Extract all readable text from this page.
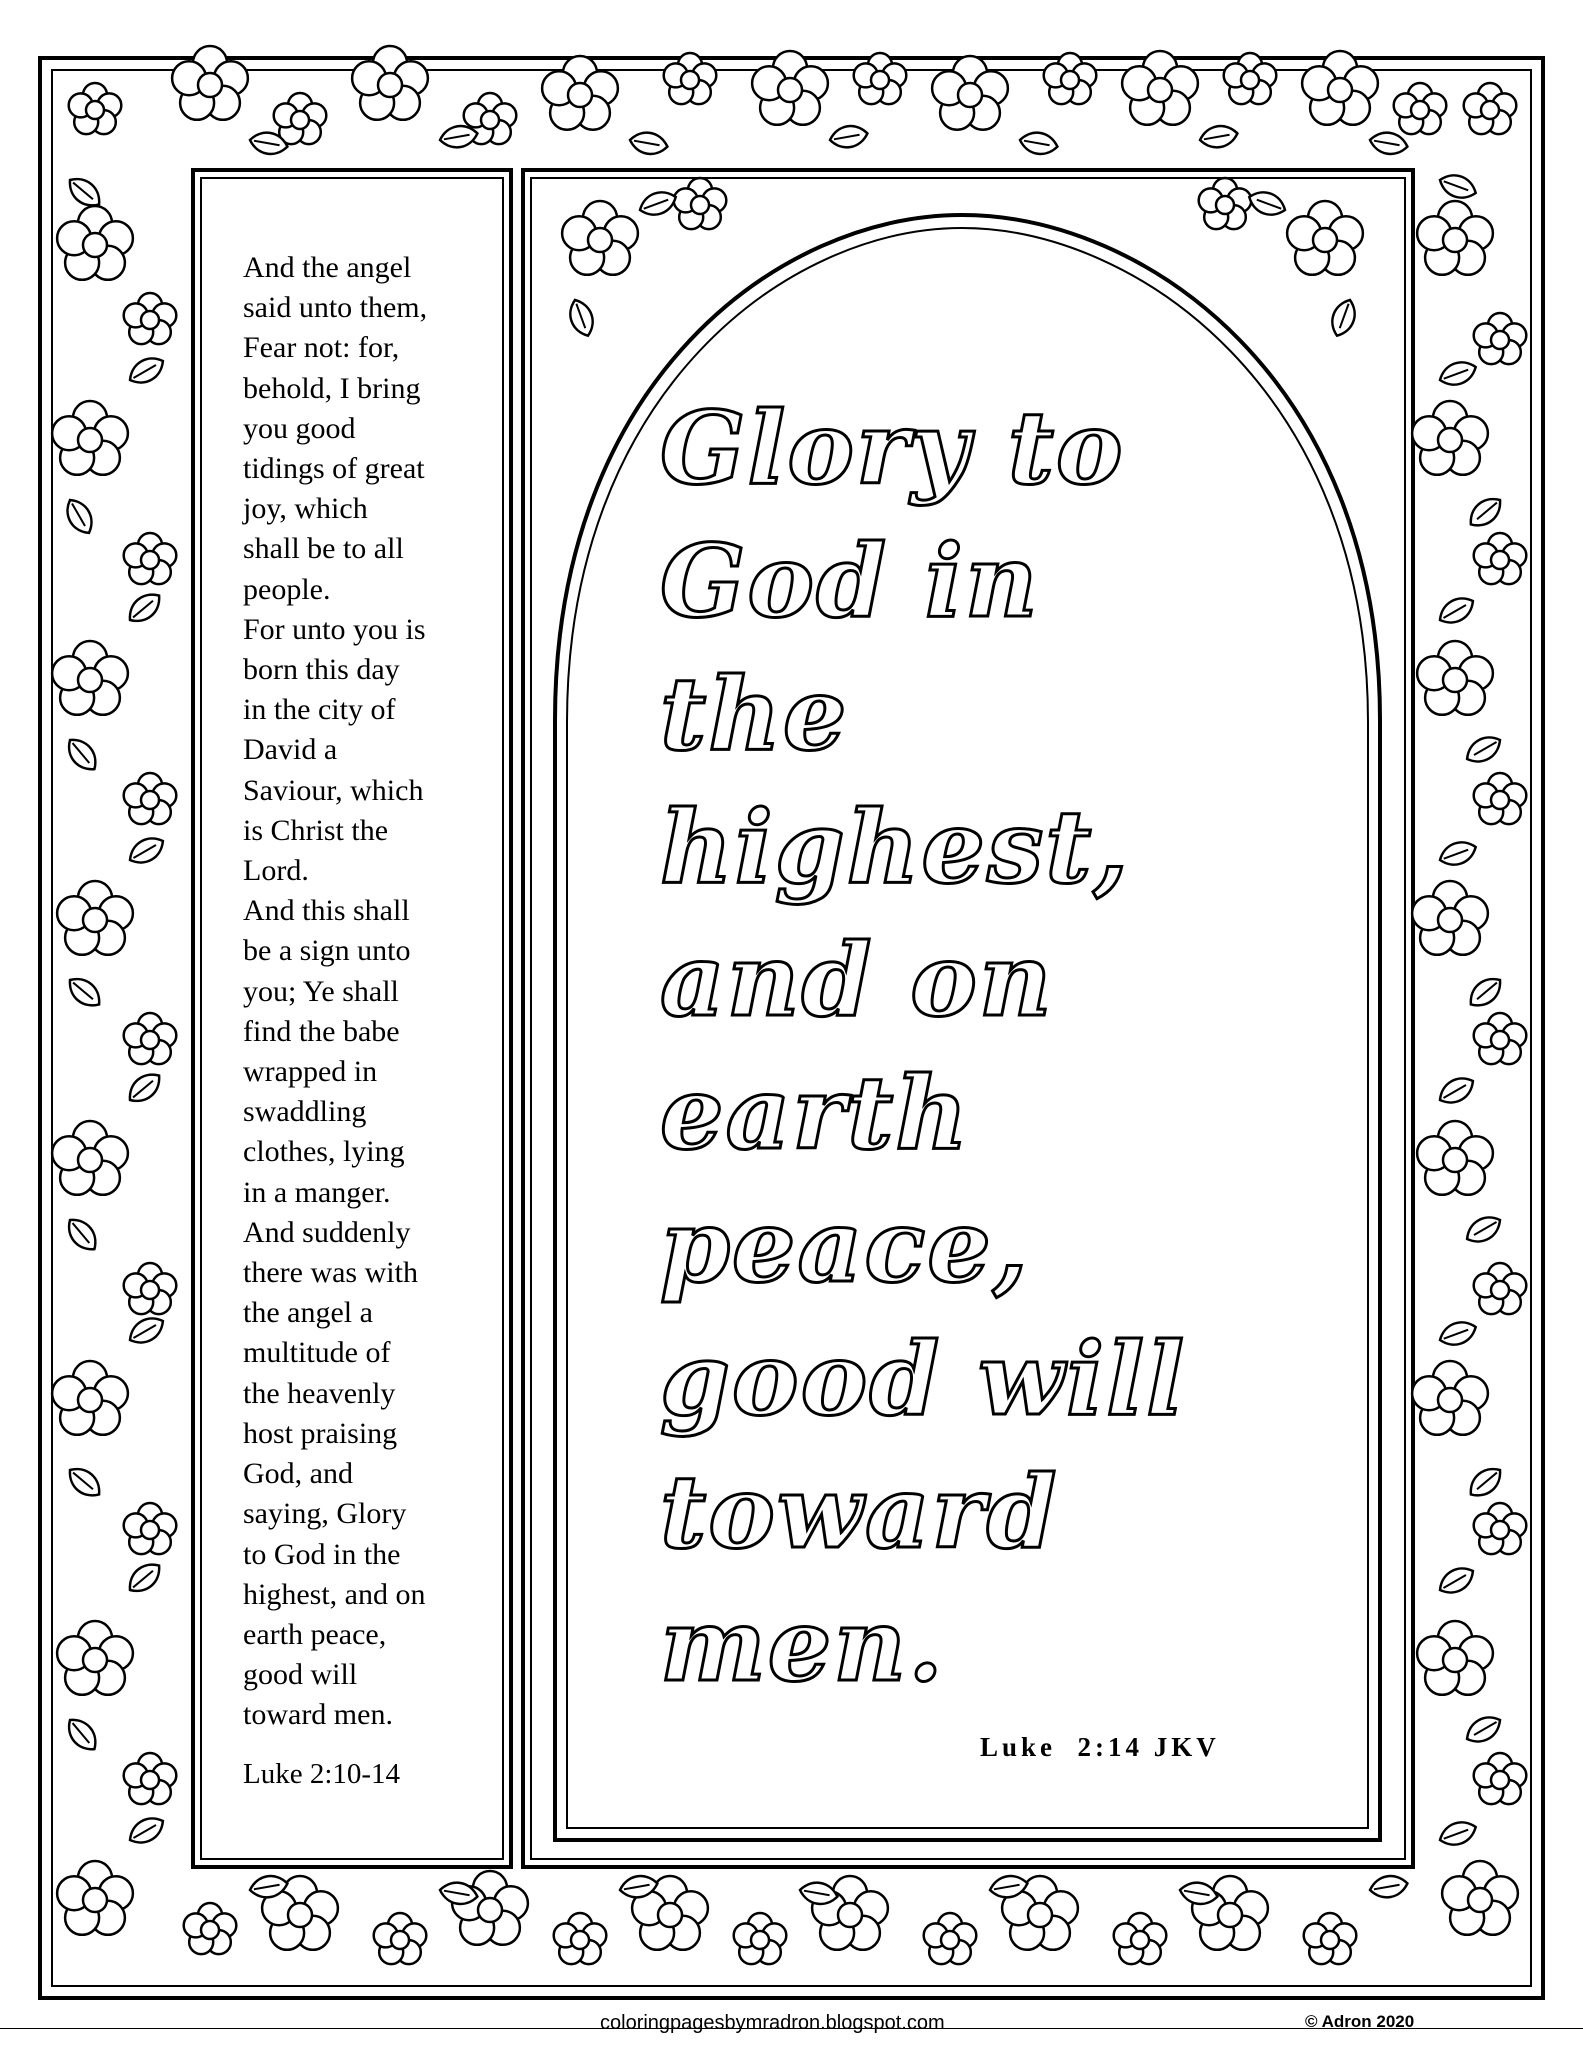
And the angel
said unto them,
Fear not: for,
behold, I bring
you good
tidings of great
joy, which
shall be to all
people.
For unto you is
born this day
in the city of
David a
Saviour, which
is Christ the
Lord.
And this shall
be a sign unto
you; Ye shall
find the babe
wrapped in
swaddling
clothes, lying
in a manger.
And suddenly
there was with
the angel a
multitude of
the heavenly
host praising
God, and
saying, Glory
to God in the
highest, and on
earth peace,
good will
toward men.
Luke 2:10-14
Glory to
God in
the
highest,
and on
earth
peace,
good will
toward
men.
Luke  2:14 JKV
coloringpagesbymradron.blogspot.com	© Adron 2020
